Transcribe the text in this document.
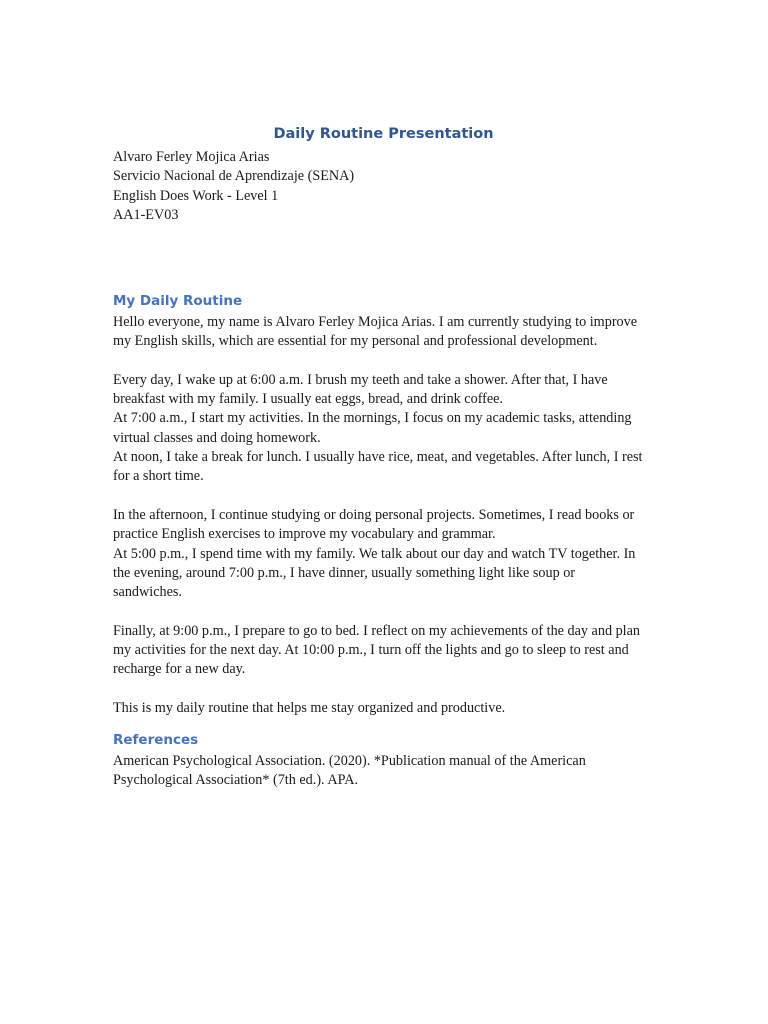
Daily Routine Presentation
Alvaro Ferley Mojica Arias
Servicio Nacional de Aprendizaje (SENA)
English Does Work - Level 1
AA1-EV03
My Daily Routine

Hello everyone, my name is Alvaro Ferley Mojica Arias. I am currently studying to improve
my English skills, which are essential for my personal and professional development.

Every day, I wake up at 6:00 a.m. I brush my teeth and take a shower. After that, I have
breakfast with my family. I usually eat eggs, bread, and drink coffee.
At 7:00 a.m., I start my activities. In the mornings, I focus on my academic tasks, attending
virtual classes and doing homework.
At noon, I take a break for lunch. I usually have rice, meat, and vegetables. After lunch, I rest
for a short time.

In the afternoon, I continue studying or doing personal projects. Sometimes, I read books or
practice English exercises to improve my vocabulary and grammar.
At 5:00 p.m., I spend time with my family. We talk about our day and watch TV together. In
the evening, around 7:00 p.m., I have dinner, usually something light like soup or
sandwiches.

Finally, at 9:00 p.m., I prepare to go to bed. I reflect on my achievements of the day and plan
my activities for the next day. At 10:00 p.m., I turn off the lights and go to sleep to rest and
recharge for a new day.

This is my daily routine that helps me stay organized and productive.

References

American Psychological Association. (2020). *Publication manual of the American
Psychological Association* (7th ed.). APA.
